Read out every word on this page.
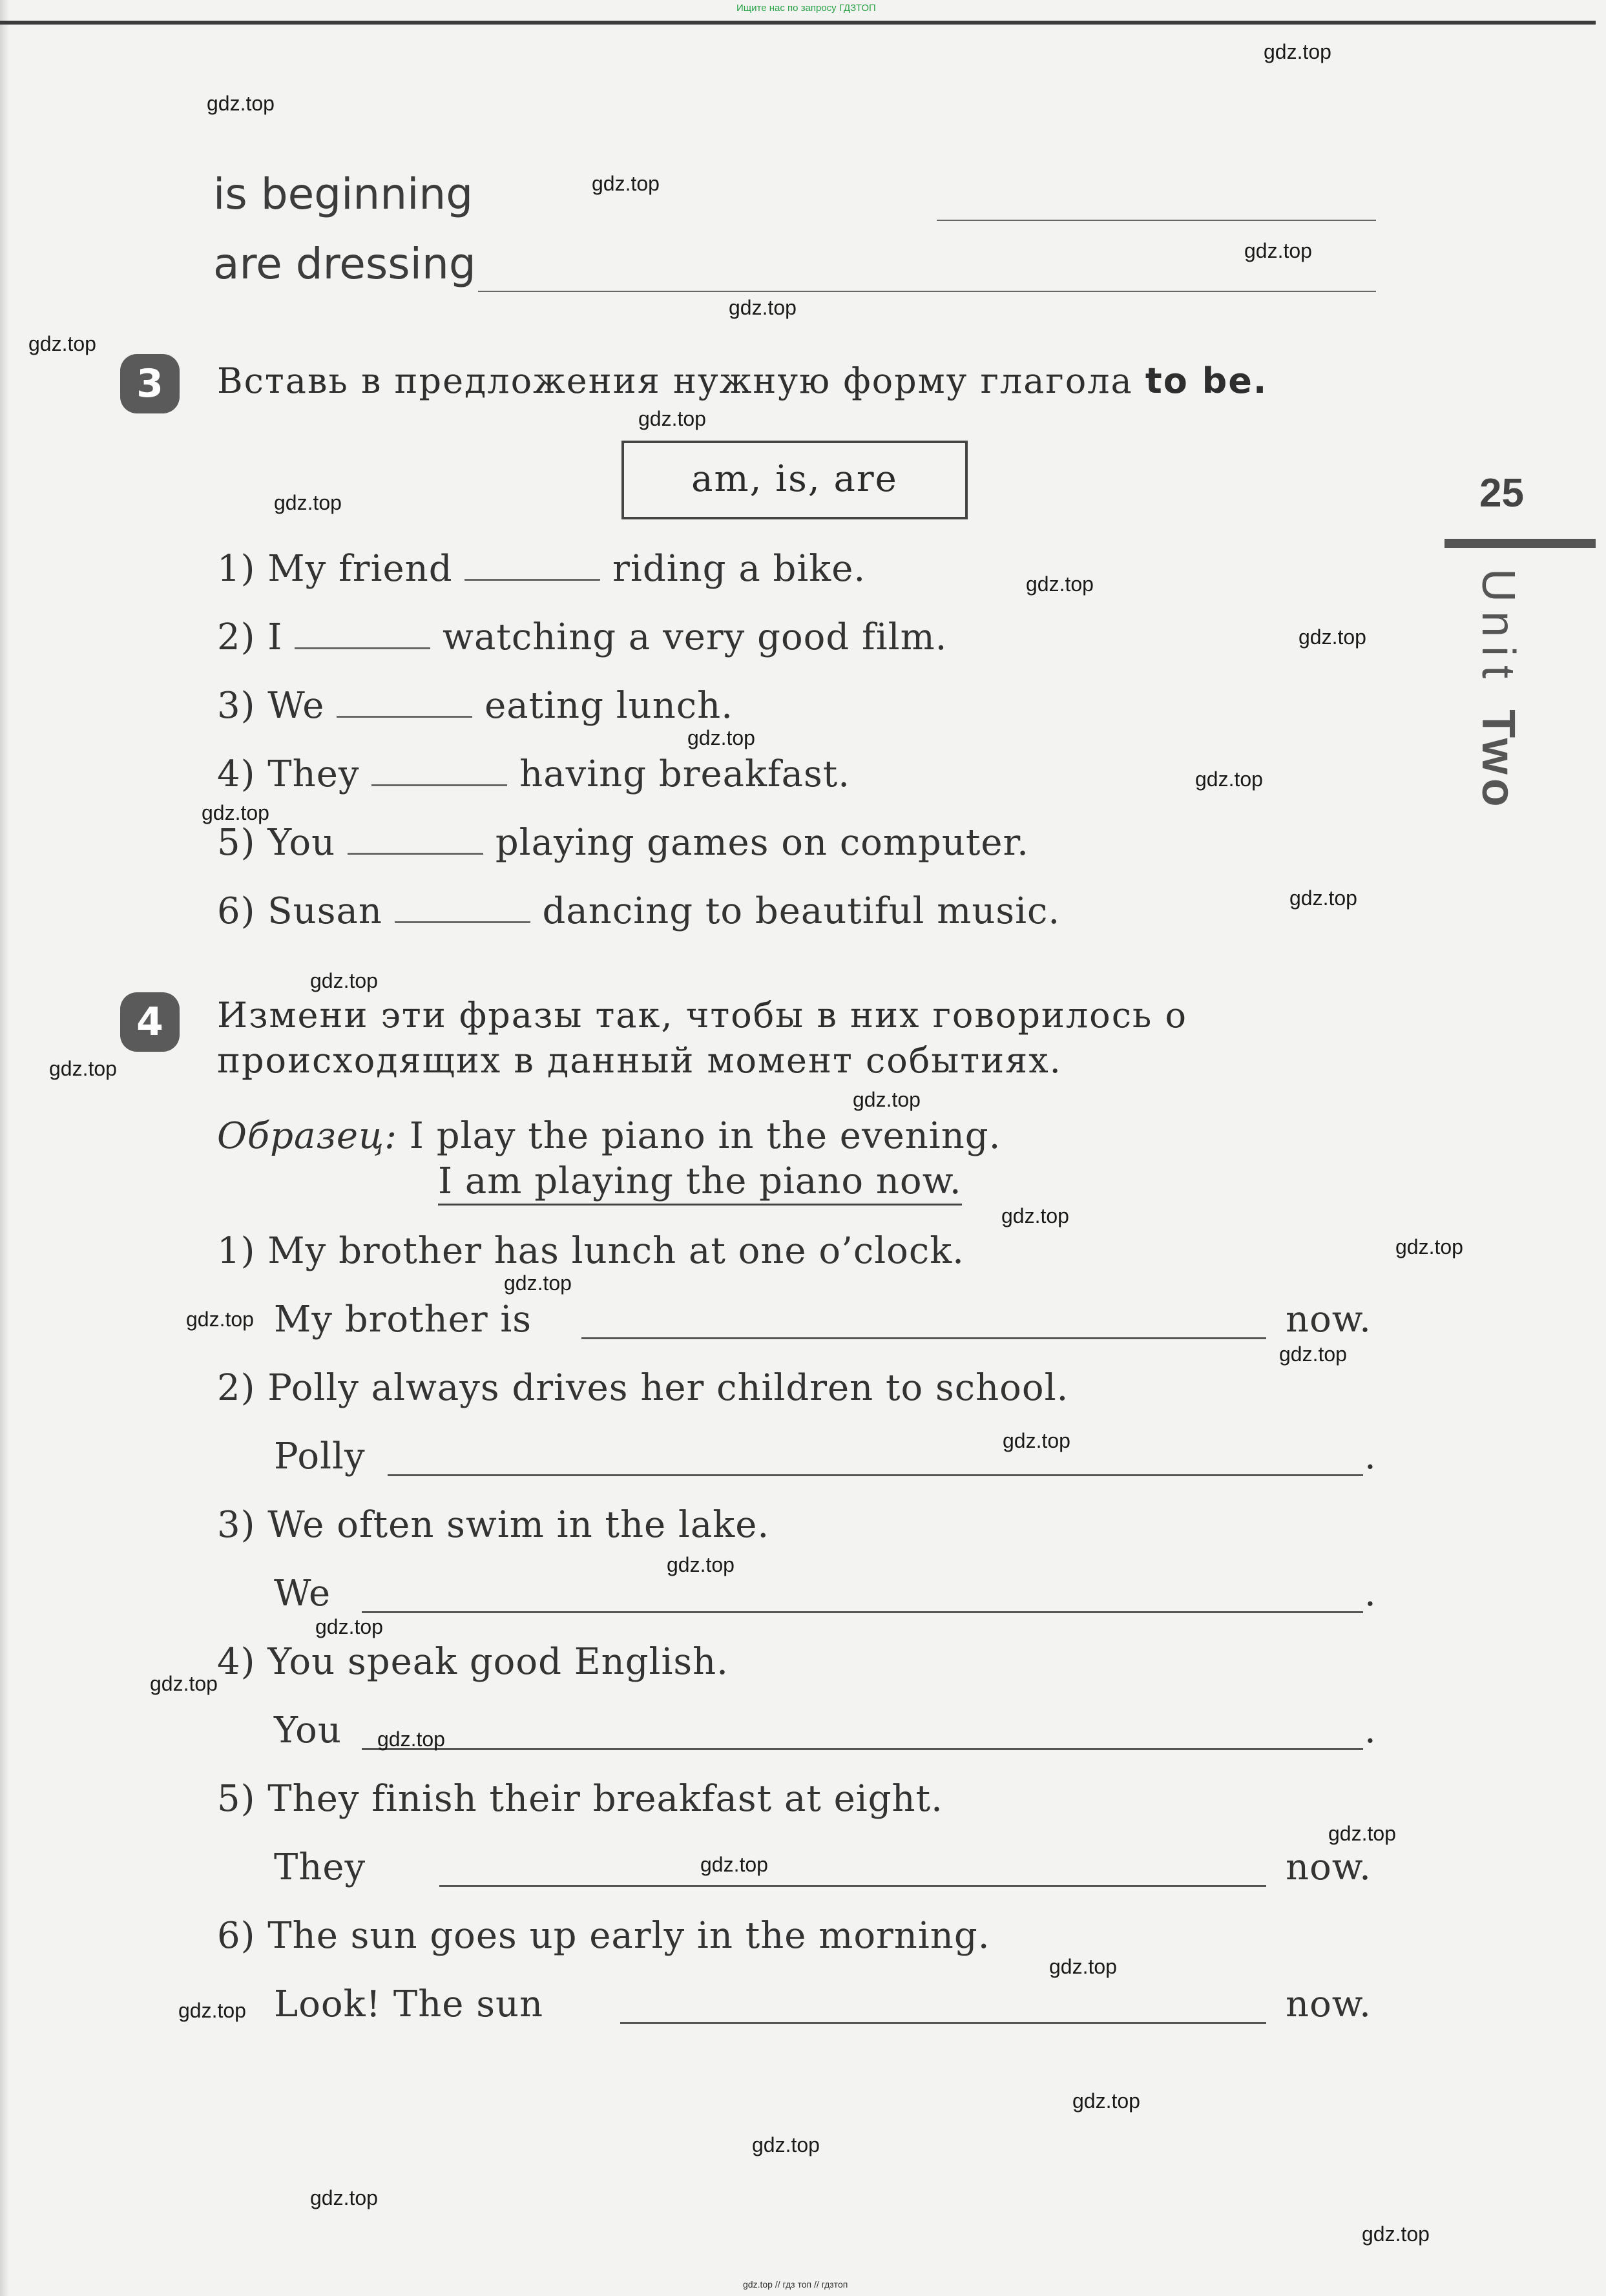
Ищите нас по запросу ГДЗТОП
is beginning
are dressing
25
Unit Two
3	Вставь в предложения нужную форму глагола to be.
am, is, are
1) My friend	riding a bike.
2) I	watching a very good film.
3) We	eating lunch.
4) They	having breakfast.
5) You	playing games on computer.
6) Susan	dancing to beautiful music.
4	Измени эти фразы так, чтобы в них говорилось о
происходящих в данный момент событиях.
Образец: I play the piano in the evening.
I am playing the piano now.
1) My brother has lunch at one o’clock.
My brother is	now.
2) Polly always drives her children to school.
Polly	.
3) We often swim in the lake.
We	.
4) You speak good English.
You	.
5) They finish their breakfast at eight.
They	now.
6) The sun goes up early in the morning.
Look! The sun	now.
gdz.top
gdz.top
gdz.top
gdz.top
gdz.top
gdz.top
gdz.top
gdz.top
gdz.top
gdz.top
gdz.top
gdz.top
gdz.top
gdz.top
gdz.top
gdz.top
gdz.top
gdz.top
gdz.top
gdz.top
gdz.top
gdz.top
gdz.top
gdz.top
gdz.top
gdz.top
gdz.top
gdz.top
gdz.top
gdz.top
gdz.top
gdz.top
gdz.top
gdz.top
gdz.top
gdz.top // гдз топ // гдзтоп
